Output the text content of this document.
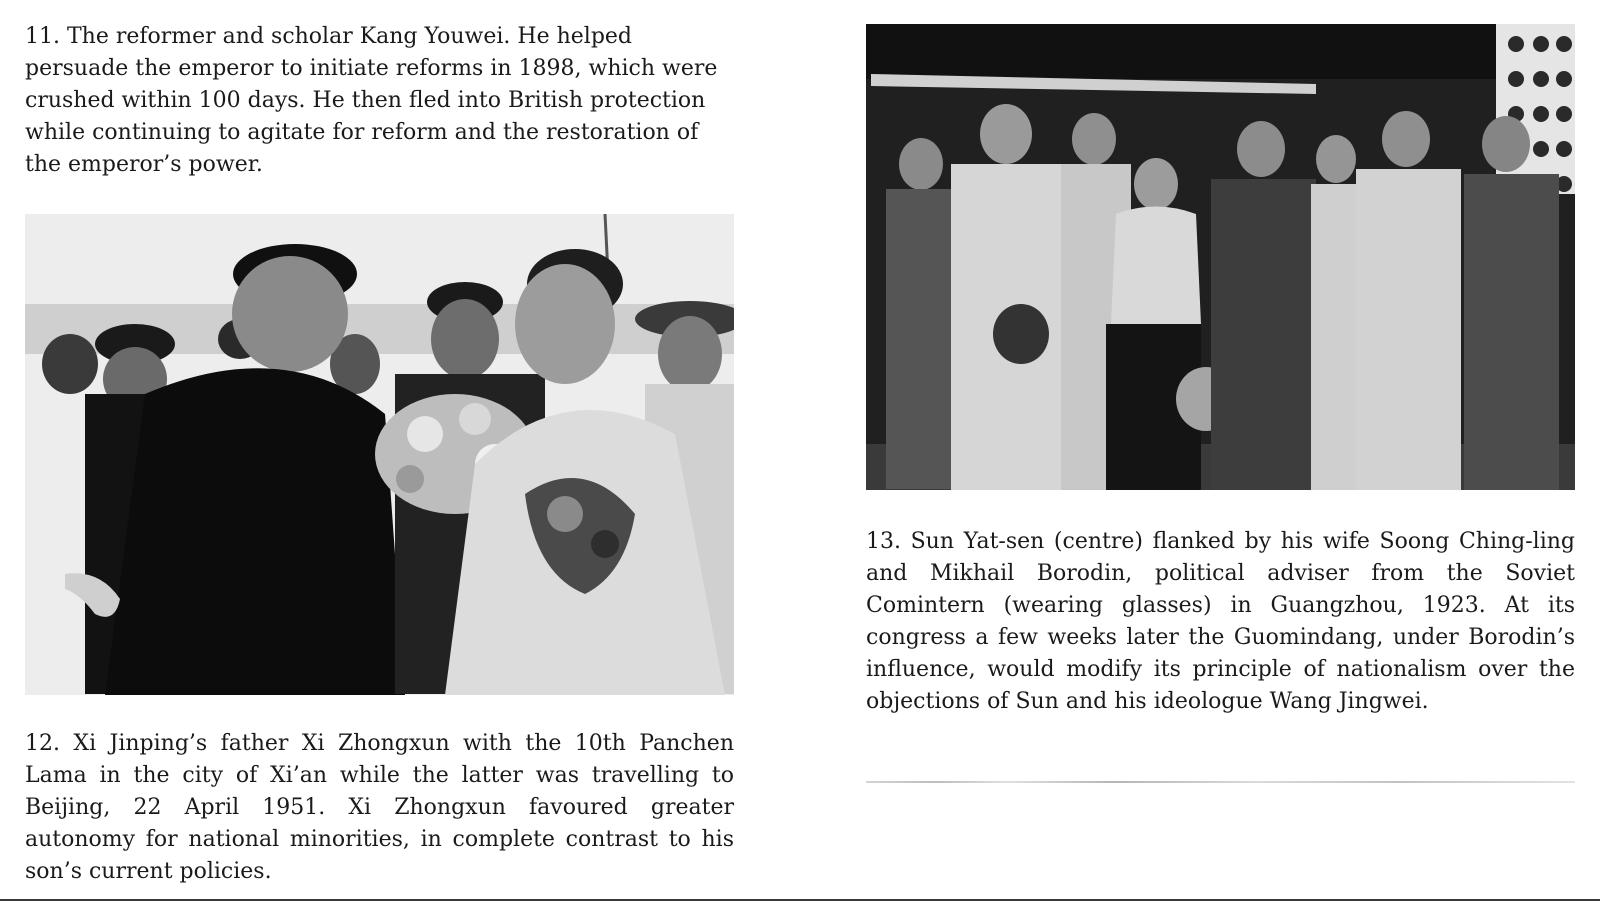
11. The reformer and scholar Kang Youwei. He helped persuade the emperor to initiate reforms in 1898, which were crushed within 100 days. He then fled into British protection while continuing to agitate for reform and the restoration of the emperor’s power.

12. Xi Jinping’s father Xi Zhongxun with the 10th Panchen Lama in the city of Xi’an while the latter was travelling to Beijing, 22 April 1951. Xi Zhongxun favoured greater autonomy for national minorities, in complete contrast to his son’s current policies.

13. Sun Yat-sen (centre) flanked by his wife Soong Ching-ling and Mikhail Borodin, political adviser from the Soviet Comintern (wearing glasses) in Guangzhou, 1923. At its congress a few weeks later the Guomindang, under Borodin’s influence, would modify its principle of nationalism over the objections of Sun and his ideologue Wang Jingwei.
